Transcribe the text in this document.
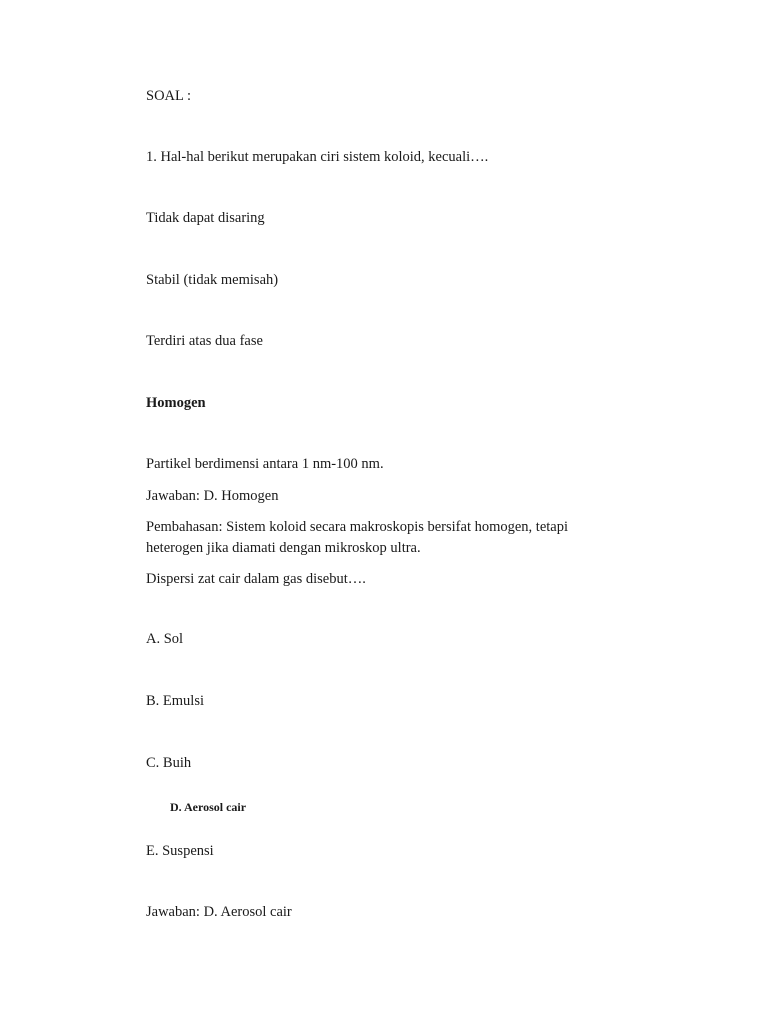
SOAL :
1. Hal-hal berikut merupakan ciri sistem koloid, kecuali….
Tidak dapat disaring
Stabil (tidak memisah)
Terdiri atas dua fase
Homogen
Partikel berdimensi antara 1 nm-100 nm.
Jawaban: D. Homogen
Pembahasan: Sistem koloid secara makroskopis bersifat homogen, tetapi heterogen jika diamati dengan mikroskop ultra.
Dispersi zat cair dalam gas disebut….
A. Sol
B. Emulsi
C. Buih
D. Aerosol cair
E. Suspensi
Jawaban: D. Aerosol cair
